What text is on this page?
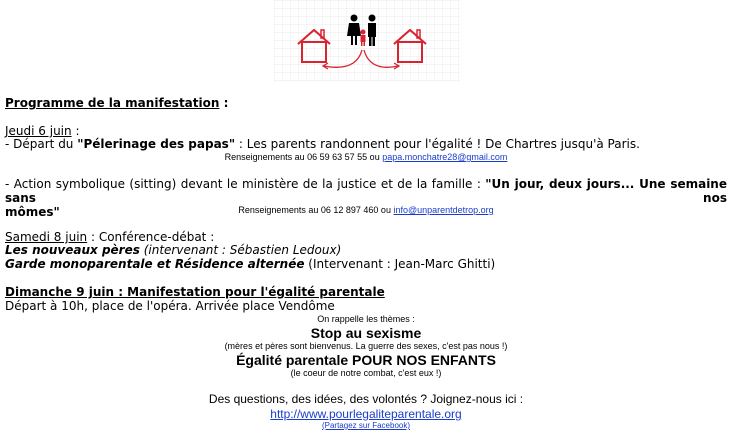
Programme de la manifestation :
Jeudi 6 juin :
- Départ du "Pélerinage des papas" : Les parents randonnent pour l'égalité ! De Chartres jusqu'à Paris.
Renseignements au 06 59 63 57 55 ou papa.monchatre28@gmail.com
- Action symbolique (sitting) devant le ministère de la justice et de la famille : "Un jour, deux jours... Une semaine sans nos
mômes"	Renseignements au 06 12 897 460 ou info@unparentdetrop.org
Samedi 8 juin : Conférence-débat :
Les nouveaux pères (intervenant : Sébastien Ledoux)
Garde monoparentale et Résidence alternée (Intervenant : Jean-Marc Ghitti)
Dimanche 9 juin : Manifestation pour l'égalité parentale
Départ à 10h, place de l'opéra. Arrivée place Vendôme
On rappelle les thèmes :
Stop au sexisme
(mères et pères sont bienvenus. La guerre des sexes, c'est pas nous !)
Égalité parentale POUR NOS ENFANTS
(le coeur de notre combat, c'est eux !)
Des questions, des idées, des volontés ? Joignez-nous ici :
http://www.pourlegaliteparentale.org
(Partagez sur Facebook)
